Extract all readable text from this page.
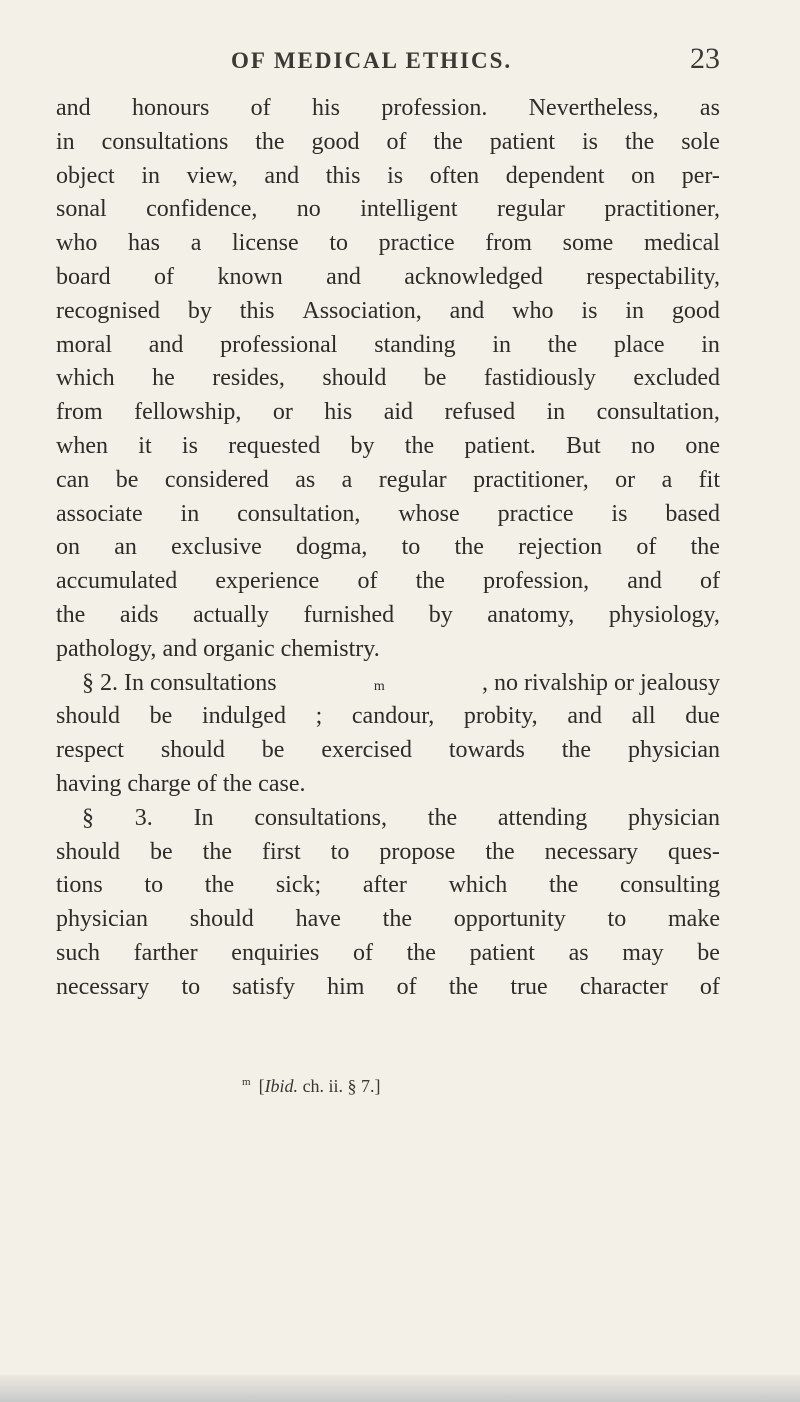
OF MEDICAL ETHICS.	23
and honours of his profession. Nevertheless, as
in consultations the good of the patient is the sole
object in view, and this is often dependent on per-
sonal confidence, no intelligent regular practitioner,
who has a license to practice from some medical
board of known and acknowledged respectability,
recognised by this Association, and who is in good
moral and professional standing in the place in
which he resides, should be fastidiously excluded
from fellowship, or his aid refused in consultation,
when it is requested by the patient. But no one
can be considered as a regular practitioner, or a fit
associate in consultation, whose practice is based
on an exclusive dogma, to the rejection of the
accumulated experience of the profession, and of
the aids actually furnished by anatomy, physiology,
pathology,
and
organic
chemistry.
§ 2. In consultations	m	, no rivalship or jealousy
should be indulged ; candour, probity, and all due
respect should be exercised towards the physician
having
charge
of
the
case.
§ 3. In consultations, the attending physician
should be the first to propose the necessary ques-
tions to the sick; after which the consulting
physician should have the opportunity to make
such farther enquiries of the patient as may be
necessary to satisfy him of the true character of
$^m$ [Ibid. ch. ii. § 7.]
